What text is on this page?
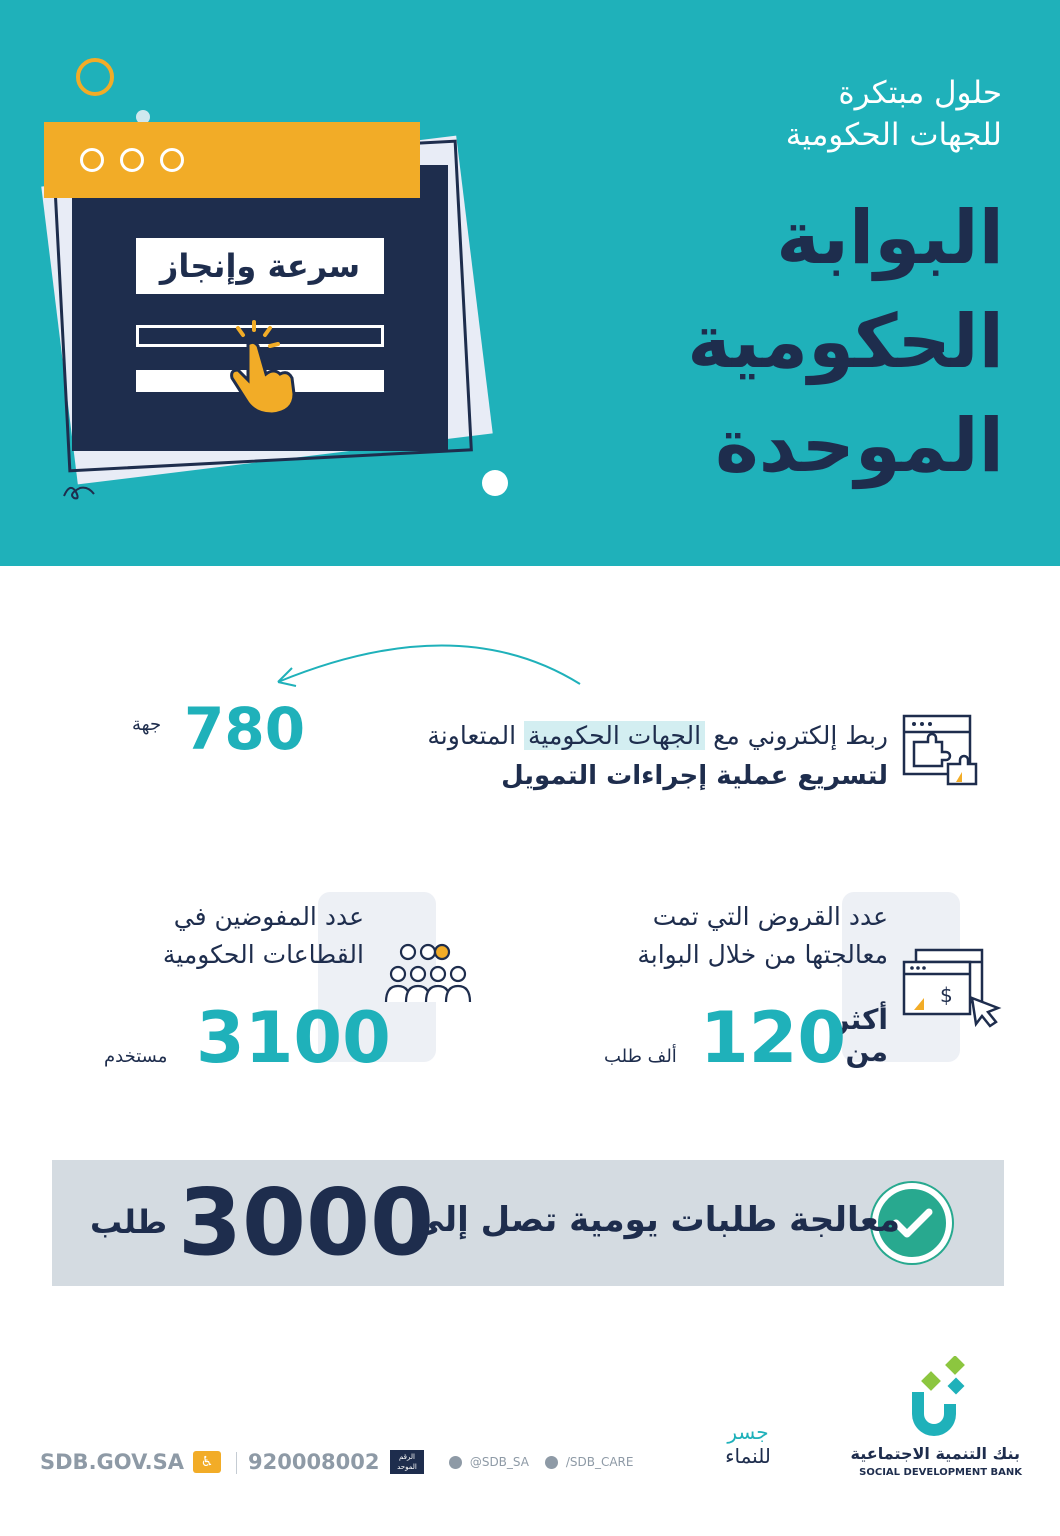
سرعة وإنجاز
حلول مبتكرة
للجهات الحكومية
البوابة
الحكومية
الموحدة
ربط إلكتروني مع الجهات الحكومية المتعاونة
لتسريع عملية إجراءات التمويل
780
جهة
عدد القروض التي تمت
معالجتها من خلال البوابة
$
أكثر
من
120
ألف طلب
عدد المفوضين في
القطاعات الحكومية
3100
مستخدم
معالجة طلبات يومية تصل إلى
3000
طلب
بنك التنمية الاجتماعية
SOCIAL DEVELOPMENT BANK
جسر
للنماء
/SDB_CARE
@SDB_SA
الرقم
الموحد
920008002
♿
SDB.GOV.SA
